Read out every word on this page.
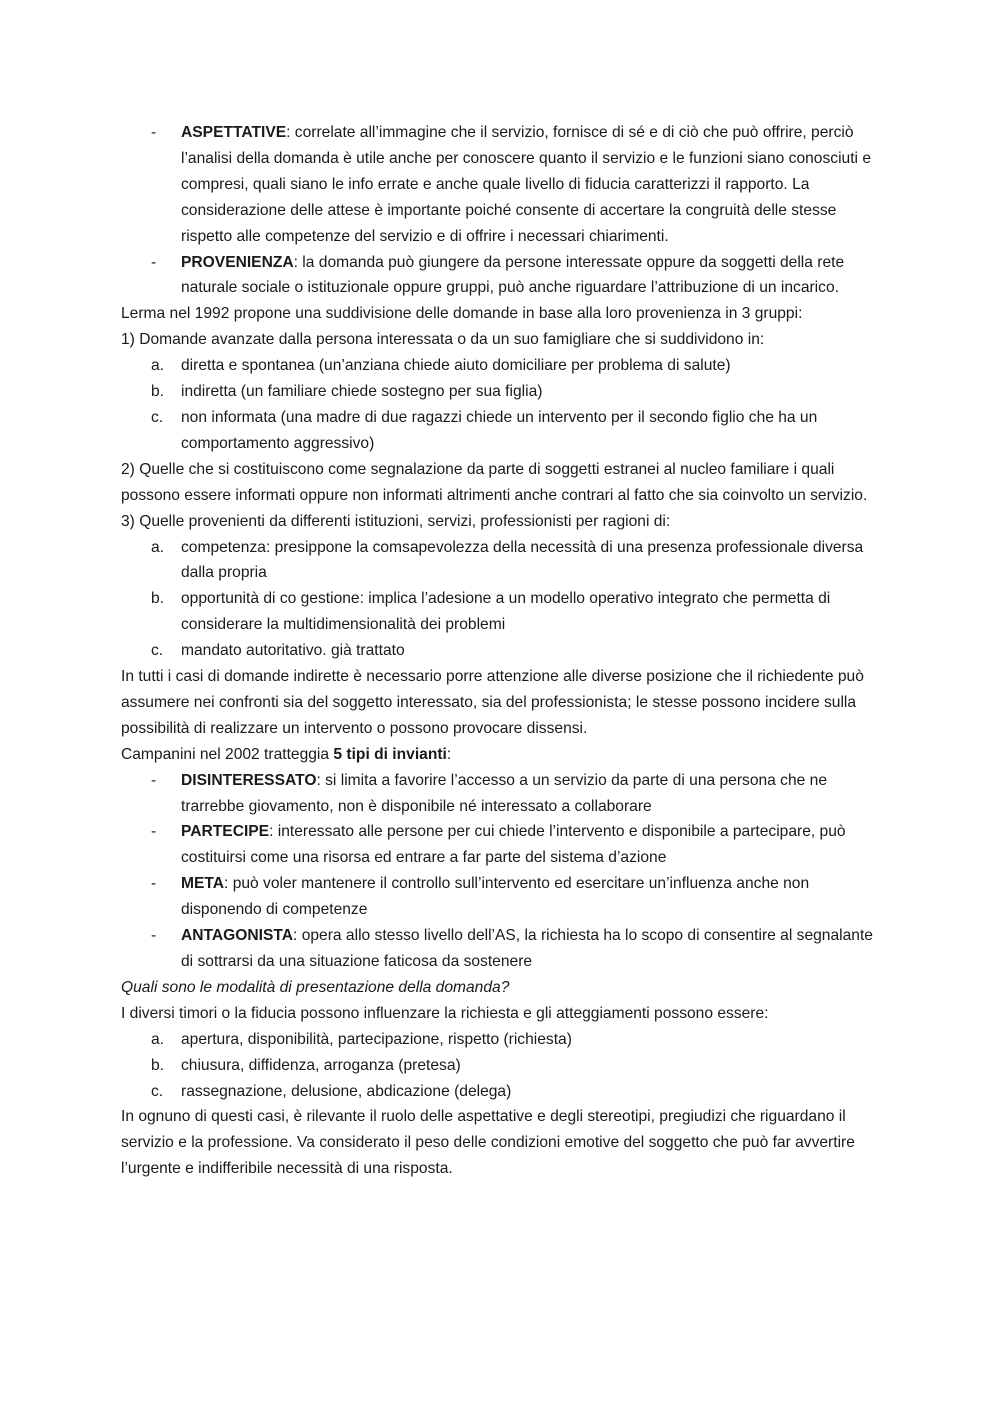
-	ASPETTATIVE: correlate all’immagine che il servizio, fornisce di sé e di ciò che può offrire, perciò l’analisi della domanda è utile anche per conoscere quanto il servizio e le funzioni siano conosciuti e compresi, quali siano le info errate e anche quale livello di fiducia caratterizzi il rapporto. La considerazione delle attese è importante poiché consente di accertare la congruità delle stesse rispetto alle competenze del servizio e di offrire i necessari chiarimenti.
-	PROVENIENZA: la domanda può giungere da persone interessate oppure da soggetti della rete naturale sociale o istituzionale oppure gruppi, può anche riguardare l’attribuzione di un incarico.

Lerma nel 1992 propone una suddivisione delle domande in base alla loro provenienza in 3 gruppi:

1) Domande avanzate dalla persona interessata o da un suo famigliare che si suddividono in:

a.	diretta e spontanea (un’anziana chiede aiuto domiciliare per problema di salute)
b.	indiretta (un familiare chiede sostegno per sua figlia)
c.	non informata (una madre di due ragazzi chiede un intervento per il secondo figlio che ha un comportamento aggressivo)

2) Quelle che si costituiscono come segnalazione da parte di soggetti estranei al nucleo familiare i quali possono essere informati oppure non informati altrimenti anche contrari al fatto che sia coinvolto un servizio.

3) Quelle provenienti da differenti istituzioni, servizi, professionisti per ragioni di:

a.	competenza: presippone la comsapevolezza della necessità di una presenza professionale diversa dalla propria
b.	opportunità di co gestione: implica l’adesione a un modello operativo integrato che permetta di considerare la multidimensionalità dei problemi
c.	mandato autoritativo. già trattato

In tutti i casi di domande indirette è necessario porre attenzione alle diverse posizione che il richiedente può assumere nei confronti sia del soggetto interessato, sia del professionista; le stesse possono incidere sulla possibilità di realizzare un intervento o possono provocare dissensi.

Campanini nel 2002 tratteggia 5 tipi di invianti:

-	DISINTERESSATO: si limita a favorire l’accesso a un servizio da parte di una persona che ne trarrebbe giovamento, non è disponibile né interessato a collaborare
-	PARTECIPE: interessato alle persone per cui chiede l’intervento e disponibile a partecipare, può costituirsi come una risorsa ed entrare a far parte del sistema d’azione
-	META: può voler mantenere il controllo sull’intervento ed esercitare un’influenza anche non disponendo di competenze
-	ANTAGONISTA: opera allo stesso livello dell’AS, la richiesta ha lo scopo di consentire al segnalante di sottrarsi da una situazione faticosa da sostenere

Quali sono le modalità di presentazione della domanda?

I diversi timori o la fiducia possono influenzare la richiesta e gli atteggiamenti possono essere:

a.	apertura, disponibilità, partecipazione, rispetto (richiesta)
b.	chiusura, diffidenza, arroganza (pretesa)
c.	rassegnazione, delusione, abdicazione (delega)

In ognuno di questi casi, è rilevante il ruolo delle aspettative e degli stereotipi, pregiudizi che riguardano il servizio e la professione. Va considerato il peso delle condizioni emotive del soggetto che può far avvertire l’urgente e indifferibile necessità di una risposta.
